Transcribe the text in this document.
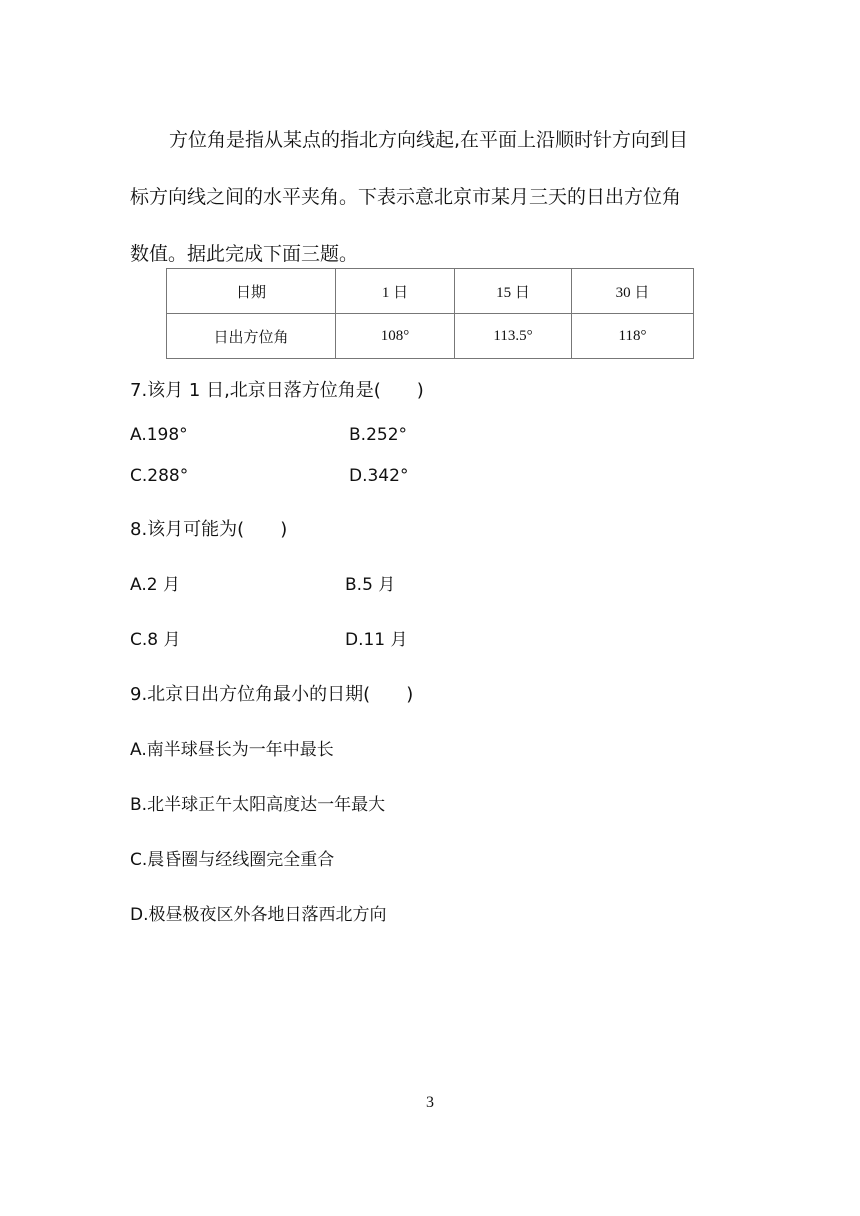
方位角是指从某点的指北方向线起,在平面上沿顺时针方向到目
标方向线之间的水平夹角。下表示意北京市某月三天的日出方位角
数值。据此完成下面三题。
日期	1 日	15 日	30 日
日出方位角	108°	113.5°	118°
7.该月 1 日,北京日落方位角是(　　)
A.198°	B.252°
C.288°	D.342°
8.该月可能为(　　)
A.2 月	B.5 月
C.8 月	D.11 月
9.北京日出方位角最小的日期(　　)
A.南半球昼长为一年中最长
B.北半球正午太阳高度达一年最大
C.晨昏圈与经线圈完全重合
D.极昼极夜区外各地日落西北方向
3
